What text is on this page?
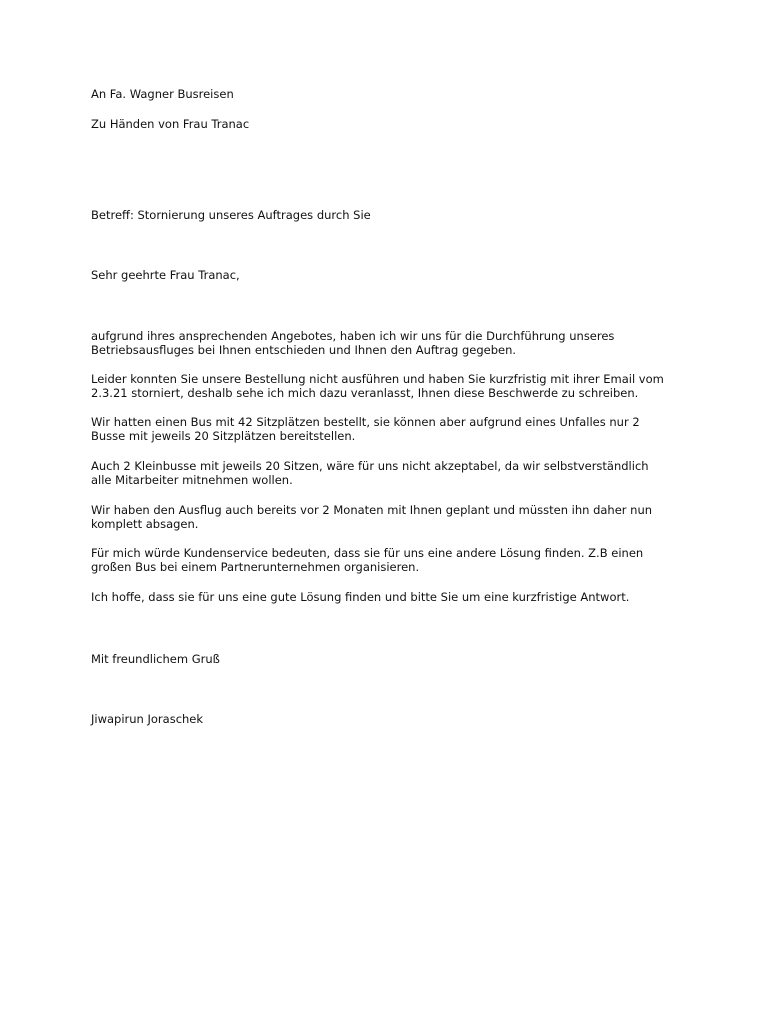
An Fa. Wagner Busreisen
Zu Händen von Frau Tranac
Betreff: Stornierung unseres Auftrages durch Sie
Sehr geehrte Frau Tranac,
aufgrund ihres ansprechenden Angebotes, haben ich wir uns für die Durchführung unseres
Betriebsausfluges bei Ihnen entschieden und Ihnen den Auftrag gegeben.
Leider konnten Sie unsere Bestellung nicht ausführen und haben Sie kurzfristig mit ihrer Email vom
2.3.21 storniert, deshalb sehe ich mich dazu veranlasst, Ihnen diese Beschwerde zu schreiben.
Wir hatten einen Bus mit 42 Sitzplätzen bestellt, sie können aber aufgrund eines Unfalles nur 2
Busse mit jeweils 20 Sitzplätzen bereitstellen.
Auch 2 Kleinbusse mit jeweils 20 Sitzen, wäre für uns nicht akzeptabel, da wir selbstverständlich
alle Mitarbeiter mitnehmen wollen.
Wir haben den Ausflug auch bereits vor 2 Monaten mit Ihnen geplant und müssten ihn daher nun
komplett absagen.
Für mich würde Kundenservice bedeuten, dass sie für uns eine andere Lösung finden. Z.B einen
großen Bus bei einem Partnerunternehmen organisieren.
Ich hoffe, dass sie für uns eine gute Lösung finden und bitte Sie um eine kurzfristige Antwort.
Mit freundlichem Gruß
Jiwapirun Joraschek
